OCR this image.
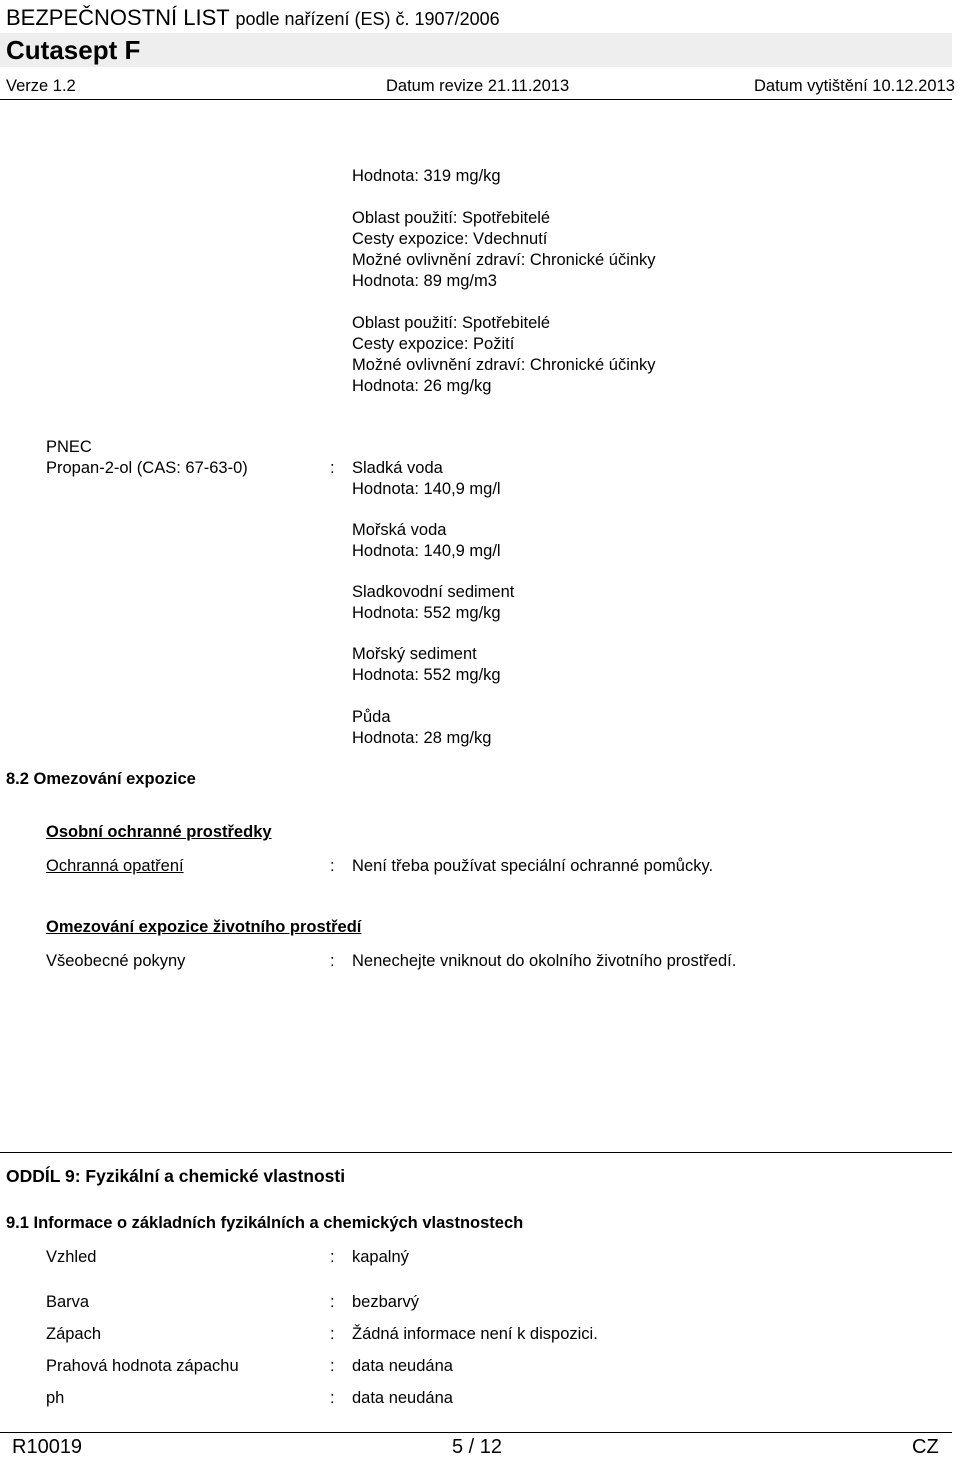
BEZPEČNOSTNÍ LIST podle nařízení (ES) č. 1907/2006
Cutasept F
Verze 1.2	Datum revize 21.11.2013	Datum vytištění 10.12.2013
Hodnota: 319 mg/kg
Oblast použití: Spotřebitelé
Cesty expozice: Vdechnutí
Možné ovlivnění zdraví: Chronické účinky
Hodnota: 89 mg/m3
Oblast použití: Spotřebitelé
Cesty expozice: Požití
Možné ovlivnění zdraví: Chronické účinky
Hodnota: 26 mg/kg
PNEC
Propan-2-ol (CAS: 67-63-0)	: Sladká voda
Hodnota: 140,9 mg/l
Mořská voda
Hodnota: 140,9 mg/l
Sladkovodní sediment
Hodnota: 552 mg/kg
Mořský sediment
Hodnota: 552 mg/kg
Půda
Hodnota: 28 mg/kg
8.2 Omezování expozice
Osobní ochranné prostředky
Ochranná opatření	: Není třeba používat speciální ochranné pomůcky.
Omezování expozice životního prostředí
Všeobecné pokyny	: Nenechejte vniknout do okolního životního prostředí.
ODDÍL 9: Fyzikální a chemické vlastnosti
9.1 Informace o základních fyzikálních a chemických vlastnostech
Vzhled	: kapalný
Barva	: bezbarvý
Zápach	: Žádná informace není k dispozici.
Prahová hodnota zápachu	: data neudána
ph	: data neudána
R10019	5 / 12	CZ
